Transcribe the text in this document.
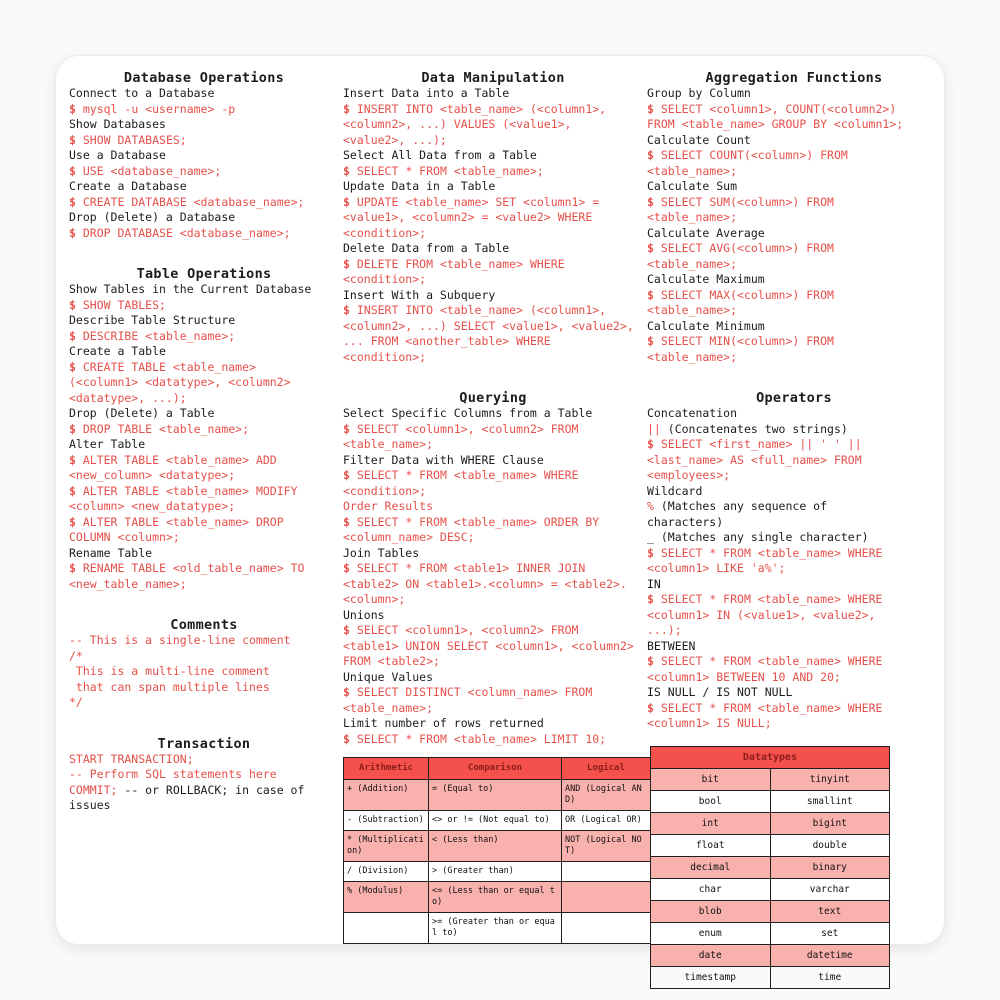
Database Operations
Connect to a Database
$ mysql -u <username> -p
Show Databases
$ SHOW DATABASES;
Use a Database
$ USE <database_name>;
Create a Database
$ CREATE DATABASE <database_name>;
Drop (Delete) a Database
$ DROP DATABASE <database_name>;
Table Operations
Show Tables in the Current Database
$ SHOW TABLES;
Describe Table Structure
$ DESCRIBE <table_name>;
Create a Table
$ CREATE TABLE <table_name>
(<column1> <datatype>, <column2>
<datatype>, ...);
Drop (Delete) a Table
$ DROP TABLE <table_name>;
Alter Table
$ ALTER TABLE <table_name> ADD
<new_column> <datatype>;
$ ALTER TABLE <table_name> MODIFY
<column> <new_datatype>;
$ ALTER TABLE <table_name> DROP
COLUMN <column>;
Rename Table
$ RENAME TABLE <old_table_name> TO
<new_table_name>;
Comments
-- This is a single-line comment
/*
This is a multi-line comment
that can span multiple lines
*/
Transaction
START TRANSACTION;
-- Perform SQL statements here
COMMIT; -- or ROLLBACK; in case of
issues
Data Manipulation
Insert Data into a Table
$ INSERT INTO <table_name> (<column1>,
<column2>, ...) VALUES (<value1>,
<value2>, ...);
Select All Data from a Table
$ SELECT * FROM <table_name>;
Update Data in a Table
$ UPDATE <table_name> SET <column1> =
<value1>, <column2> = <value2> WHERE
<condition>;
Delete Data from a Table
$ DELETE FROM <table_name> WHERE
<condition>;
Insert With a Subquery
$ INSERT INTO <table_name> (<column1>,
<column2>, ...) SELECT <value1>, <value2>,
... FROM <another_table> WHERE
<condition>;
Querying
Select Specific Columns from a Table
$ SELECT <column1>, <column2> FROM
<table_name>;
Filter Data with WHERE Clause
$ SELECT * FROM <table_name> WHERE
<condition>;
Order Results
$ SELECT * FROM <table_name> ORDER BY
<column_name> DESC;
Join Tables
$ SELECT * FROM <table1> INNER JOIN
<table2> ON <table1>.<column> = <table2>.
<column>;
Unions
$ SELECT <column1>, <column2> FROM
<table1> UNION SELECT <column1>, <column2>
FROM <table2>;
Unique Values
$ SELECT DISTINCT <column_name> FROM
<table_name>;
Limit number of rows returned
$ SELECT * FROM <table_name> LIMIT 10;
Arithmetic	Comparison	Logical
+ (Addition)	= (Equal to)	AND (Logical AND)
- (Subtraction)	<> or != (Not equal to)	OR (Logical OR)
* (Multiplication)	< (Less than)	NOT (Logical NOT)
/ (Division)	> (Greater than)	
% (Modulus)	<= (Less than or equal to)	
	>= (Greater than or equal to)	
Aggregation Functions
Group by Column
$ SELECT <column1>, COUNT(<column2>)
FROM <table_name> GROUP BY <column1>;
Calculate Count
$ SELECT COUNT(<column>) FROM
<table_name>;
Calculate Sum
$ SELECT SUM(<column>) FROM
<table_name>;
Calculate Average
$ SELECT AVG(<column>) FROM
<table_name>;
Calculate Maximum
$ SELECT MAX(<column>) FROM
<table_name>;
Calculate Minimum
$ SELECT MIN(<column>) FROM
<table_name>;
Operators
Concatenation
|| (Concatenates two strings)
$ SELECT <first_name> || ' ' ||
<last_name> AS <full_name> FROM
<employees>;
Wildcard
% (Matches any sequence of
characters)
_ (Matches any single character)
$ SELECT * FROM <table_name> WHERE
<column1> LIKE 'a%';
IN
$ SELECT * FROM <table_name> WHERE
<column1> IN (<value1>, <value2>,
...);
BETWEEN
$ SELECT * FROM <table_name> WHERE
<column1> BETWEEN 10 AND 20;
IS NULL / IS NOT NULL
$ SELECT * FROM <table_name> WHERE
<column1> IS NULL;
Datatypes	
bit	tinyint
bool	smallint
int	bigint
float	double
decimal	binary
char	varchar
blob	text
enum	set
date	datetime
timestamp	time
